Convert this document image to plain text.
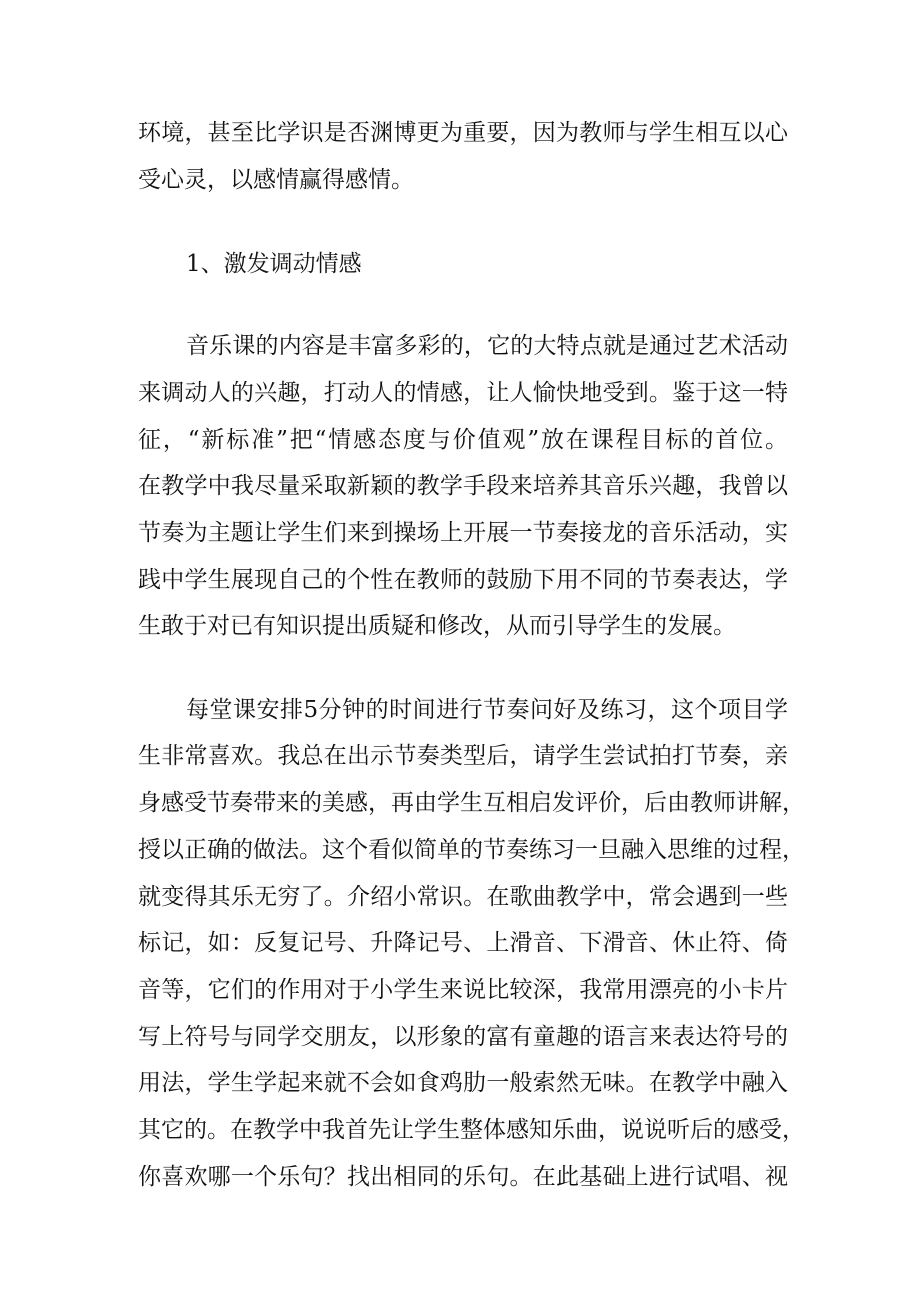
环境，甚至比学识是否渊博更为重要，因为教师与学生相互以心
受心灵，以感情赢得感情。
1、激发调动情感
音乐课的内容是丰富多彩的，它的大特点就是通过艺术活动
来调动人的兴趣，打动人的情感，让人愉快地受到。鉴于这一特
征，“新标准”把“情感态度与价值观”放在课程目标的首位。
在教学中我尽量采取新颖的教学手段来培养其音乐兴趣，我曾以
节奏为主题让学生们来到操场上开展一节奏接龙的音乐活动，实
践中学生展现自己的个性在教师的鼓励下用不同的节奏表达，学
生敢于对已有知识提出质疑和修改，从而引导学生的发展。
每堂课安排5分钟的时间进行节奏问好及练习，这个项目学
生非常喜欢。我总在出示节奏类型后，请学生尝试拍打节奏，亲
身感受节奏带来的美感，再由学生互相启发评价，后由教师讲解，
授以正确的做法。这个看似简单的节奏练习一旦融入思维的过程，
就变得其乐无穷了。介绍小常识。在歌曲教学中，常会遇到一些
标记，如：反复记号、升降记号、上滑音、下滑音、休止符、倚
音等，它们的作用对于小学生来说比较深，我常用漂亮的小卡片
写上符号与同学交朋友，以形象的富有童趣的语言来表达符号的
用法，学生学起来就不会如食鸡肋一般索然无味。在教学中融入
其它的。在教学中我首先让学生整体感知乐曲，说说听后的感受，
你喜欢哪一个乐句？找出相同的乐句。在此基础上进行试唱、视
